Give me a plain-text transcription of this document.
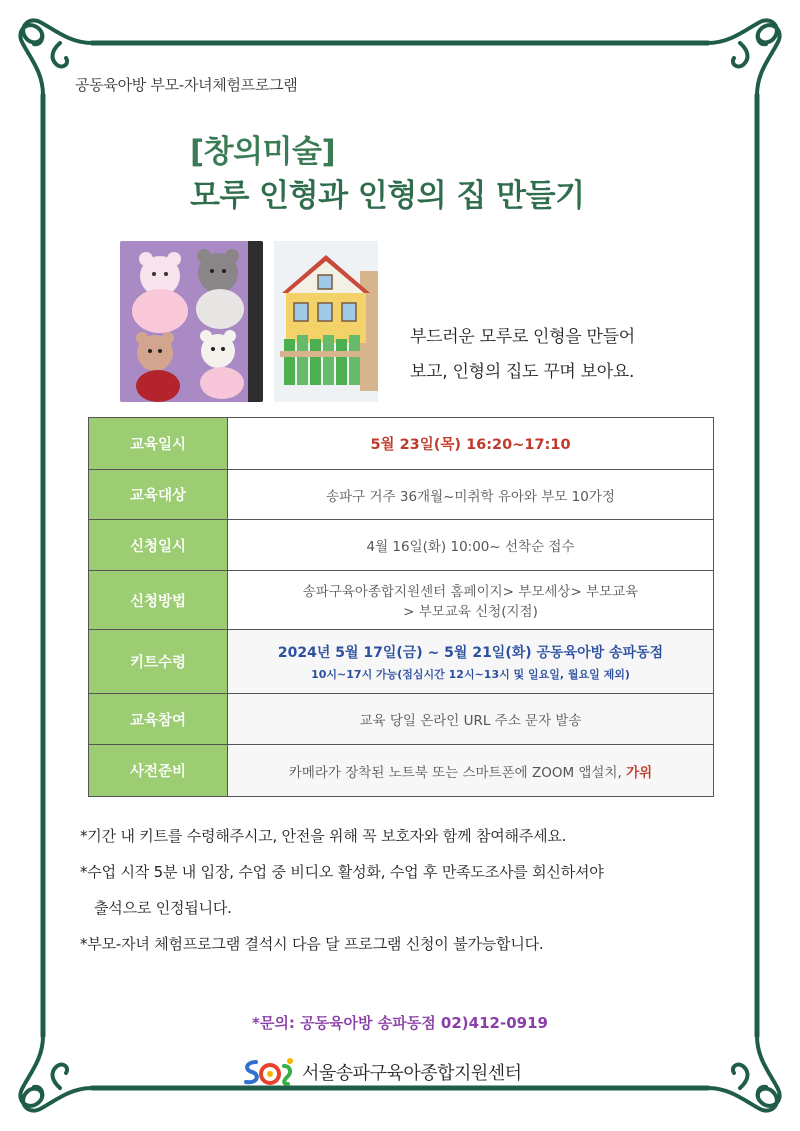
공동육아방 부모-자녀체험프로그램
[창의미술]
모루 인형과 인형의 집 만들기
부드러운 모루로 인형을 만들어
보고, 인형의 집도 꾸며 보아요.
교육일시	5월 23일(목) 16:20~17:10
교육대상	송파구 거주 36개월~미취학 유아와 부모 10가정
신청일시	4월 16일(화) 10:00~ 선착순 접수
신청방법	송파구육아종합지원센터 홈페이지> 부모세상> 부모교육
> 부모교육 신청(지점)

키트수령	2024년 5월 17일(금) ~ 5월 21일(화) 공동육아방 송파동점
10시~17시 가능(점심시간 12시~13시 및 일요일, 월요일 제외)

교육참여	교육 당일 온라인 URL 주소 문자 발송
사전준비	카메라가 장착된 노트북 또는 스마트폰에 ZOOM 앱설치, 가위
*기간 내 키트를 수령해주시고, 안전을 위해 꼭 보호자와 함께 참여해주세요.
*수업 시작 5분 내 입장, 수업 중 비디오 활성화, 수업 후 만족도조사를 회신하셔야
출석으로 인정됩니다.
*부모-자녀 체험프로그램 결석시 다음 달 프로그램 신청이 불가능합니다.
*문의: 공동육아방 송파동점 02)412-0919
서울송파구육아종합지원센터
